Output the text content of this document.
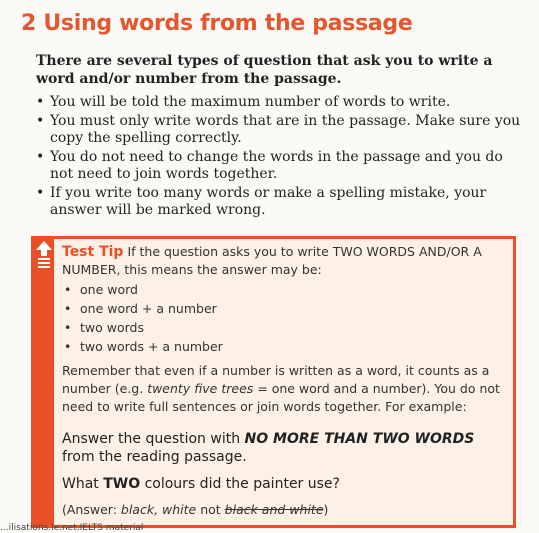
2 Using words from the passage

There are several types of question that ask you to write a word and/or number from the passage.

• You will be told the maximum number of words to write.
• You must only write words that are in the passage. Make sure you copy the spelling correctly.
• You do not need to change the words in the passage and you do not need to join words together.
• If you write too many words or make a spelling mistake, your answer will be marked wrong.

Test Tip If the question asks you to write TWO WORDS AND/OR A NUMBER, this means the answer may be:

• one word
• one word + a number
• two words
• two words + a number

Remember that even if a number is written as a word, it counts as a number (e.g. twenty five trees = one word and a number). You do not need to write full sentences or join words together. For example:

Answer the question with NO MORE THAN TWO WORDS from the reading passage.

What TWO colours did the painter use?

(Answer: black, white not black and white)

...ilisations.le.net.IELTS material
